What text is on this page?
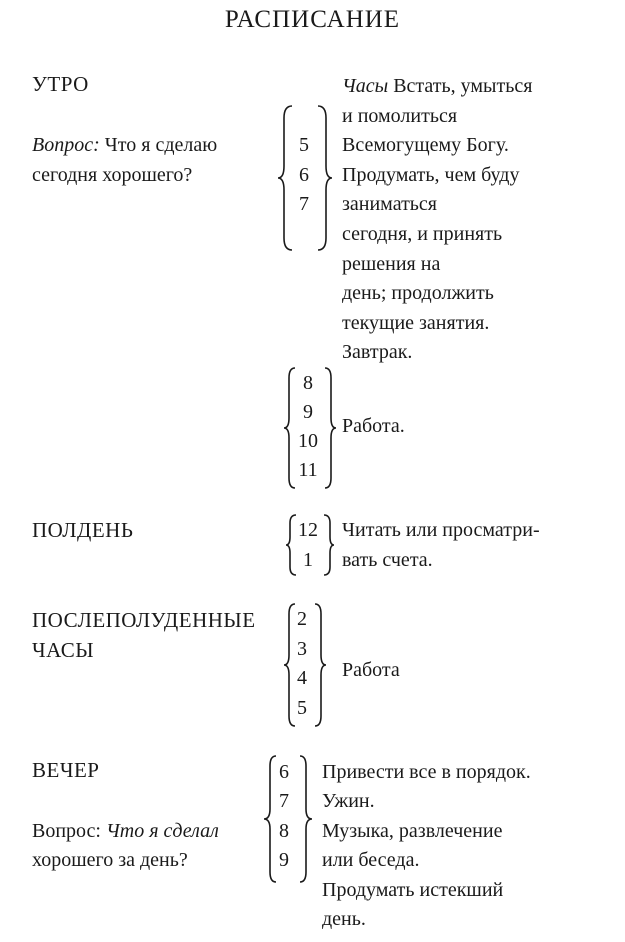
РАСПИСАНИЕ
УТРО
Вопрос: Что я сделаю
сегодня хорошего?
5
6
7
Часы Встать, умыться
и помолиться
Всемогущему Богу.
Продумать, чем буду
заниматься
сегодня, и принять
решения на
день; продолжить
текущие занятия.
Завтрак.
8
9
10
11
Работа.
ПОЛДЕНЬ	12
1
Читать или просматри-
вать счета.
ПОСЛЕПОЛУДЕННЫЕ
ЧАСЫ
2
3
4
5
Работа
ВЕЧЕР
Вопрос: Что я сделал
хорошего за день?
6
7
8
9
Привести все в порядок.
Ужин.
Музыка, развлечение
или беседа.
Продумать истекший
день.
